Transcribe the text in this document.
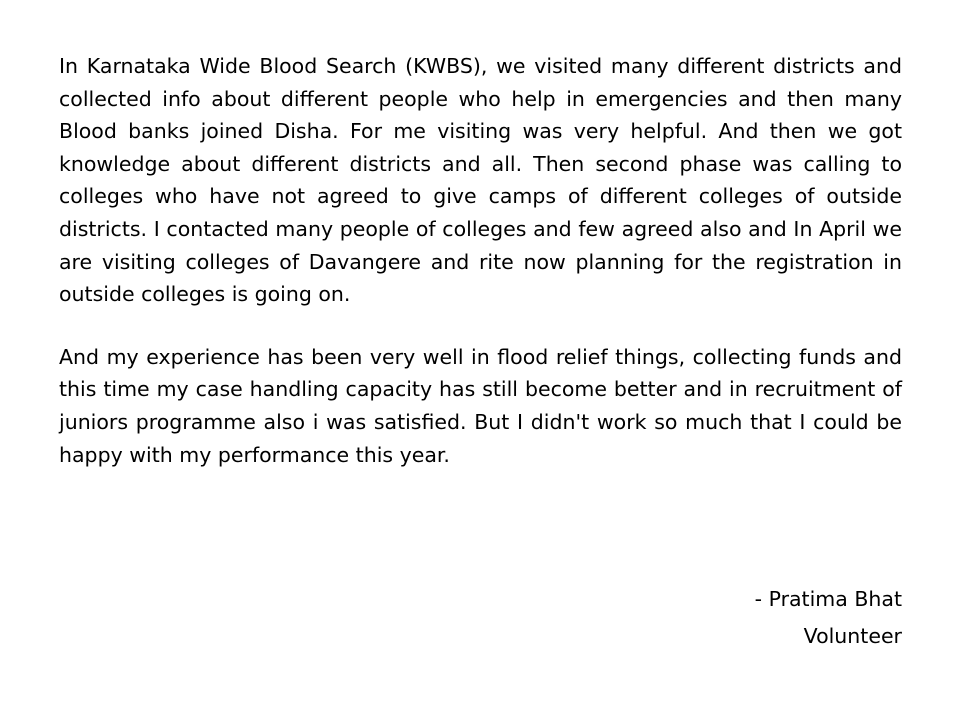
In Karnataka Wide Blood Search (KWBS), we visited many different districts and collected info about different people who help in emergencies and then many Blood banks joined Disha. For me visiting was very helpful. And then we got knowledge about different districts and all. Then second phase was calling to colleges who have not agreed to give camps of different colleges of outside districts. I contacted many people of colleges and few agreed also and In April we are visiting colleges of Davangere and rite now planning for the registration in outside colleges is going on.

And my experience has been very well in flood relief things, collecting funds and this time my case handling capacity has still become better and in recruitment of juniors programme also i was satisfied. But I didn't work so much that I could be happy with my performance this year.

- Pratima Bhat
Volunteer
